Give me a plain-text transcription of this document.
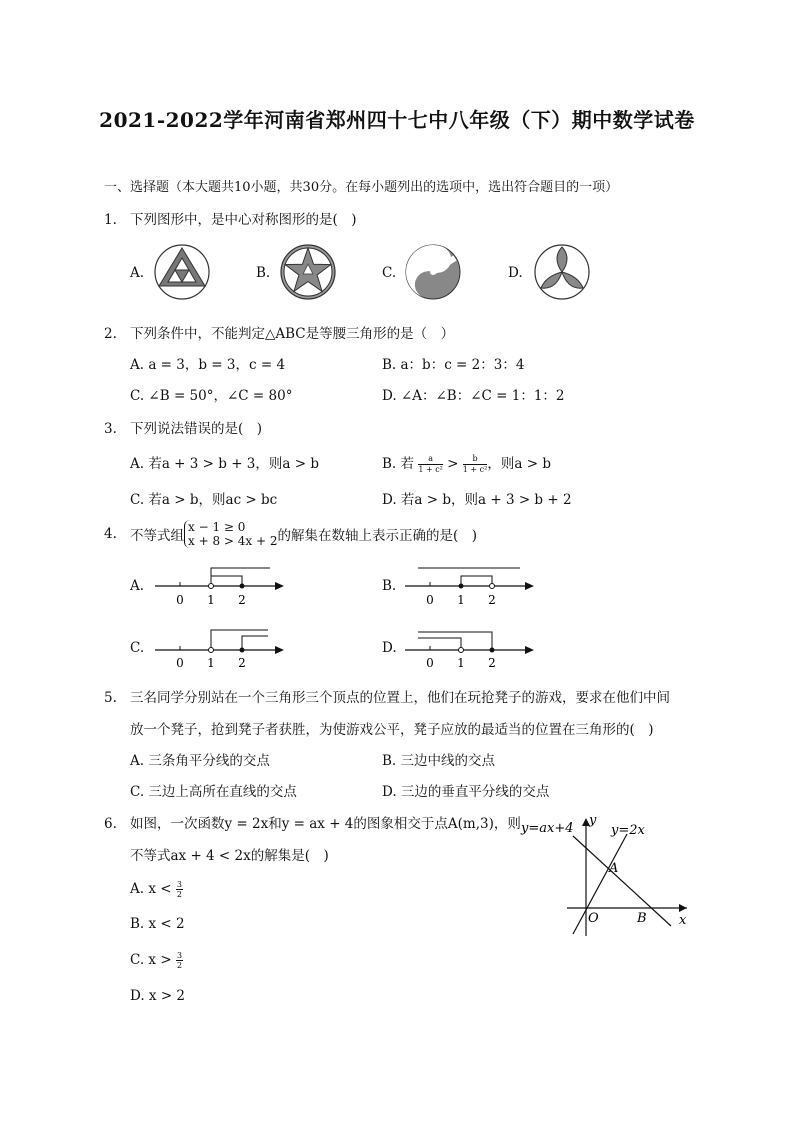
2021-2022学年河南省郑州四十七中八年级（下）期中数学试卷
一、选择题（本大题共10小题，共30分。在每小题列出的选项中，选出符合题目的一项）
1. 下列图形中，是中心对称图形的是(　)
A.	B.	C.	D.
2. 下列条件中，不能判定△ABC是等腰三角形的是（　）
A. a = 3，b = 3，c = 4	B. a：b：c = 2：3：4
C. ∠B = 50°，∠C = 80°	D. ∠A：∠B：∠C = 1：1：2
3. 下列说法错误的是(　)
A. 若a + 3 > b + 3，则a > b	B. 若 $\frac{a}{\text{1 + c²}} > \frac{b}{\text{1 + c²}}$ ，则a > b
C. 若a > b，则ac > bc	D. 若a > b，则a + 3 > b + 2
4. 不等式组
x − 1 ≥ 0
x + 8 > 4x + 2 的解集在数轴上表示正确的是(　)
A.
0 1 2
B.
0 1 2
C.
0 1 2
D.
0 1 2
5. 三名同学分别站在一个三角形三个顶点的位置上，他们在玩抢凳子的游戏，要求在他们中间
放一个凳子，抢到凳子者获胜，为使游戏公平，凳子应放的最适当的位置在三角形的(　)
A. 三条角平分线的交点	B. 三边中线的交点
C. 三边上高所在直线的交点	D. 三边的垂直平分线的交点
6. 如图，一次函数y = 2x和y = ax + 4的图象相交于点A(m,3)，则
不等式ax + 4 < 2x的解集是(　)
A. $x < \frac{3}{2}$
B. x < 2
C. $x > \frac{3}{2}$
D. x > 2
y=ax+4	y=2x
y
x
O
A
B
